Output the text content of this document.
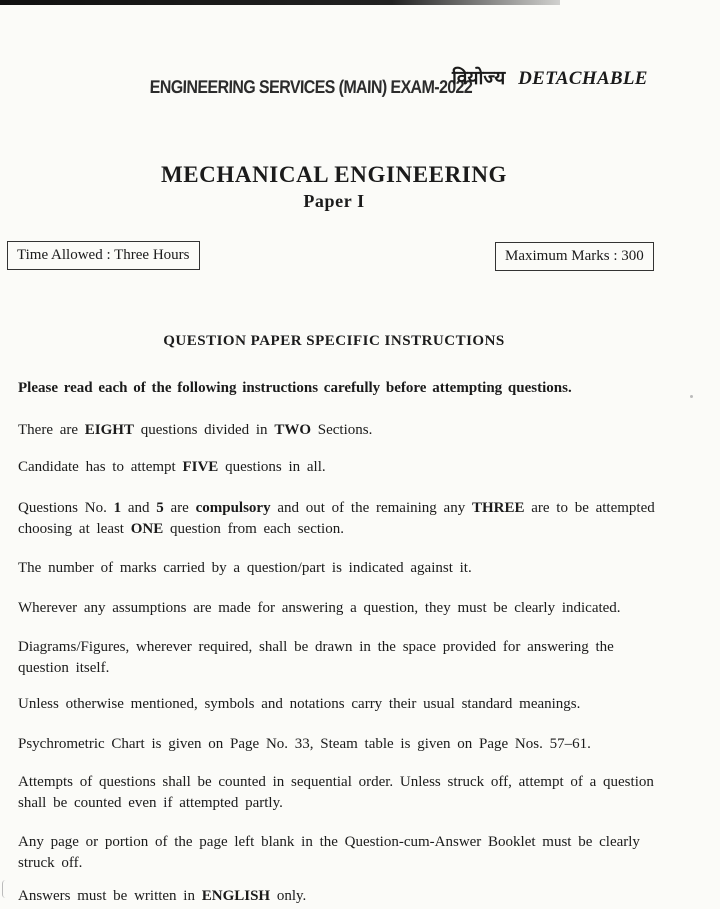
ENGINEERING SERVICES (MAIN) EXAM-2022
वियोज्य DETACHABLE
MECHANICAL ENGINEERING
Paper I
Time Allowed : Three Hours	Maximum Marks : 300
QUESTION PAPER SPECIFIC INSTRUCTIONS
Please read each of the following instructions carefully before attempting questions.
There are EIGHT questions divided in TWO Sections.
Candidate has to attempt FIVE questions in all.
Questions No. 1 and 5 are compulsory and out of the remaining any THREE are to be attempted choosing at least ONE question from each section.
The number of marks carried by a question/part is indicated against it.
Wherever any assumptions are made for answering a question, they must be clearly indicated.
Diagrams/Figures, wherever required, shall be drawn in the space provided for answering the question itself.
Unless otherwise mentioned, symbols and notations carry their usual standard meanings.
Psychrometric Chart is given on Page No. 33, Steam table is given on Page Nos. 57–61.
Attempts of questions shall be counted in sequential order. Unless struck off, attempt of a question shall be counted even if attempted partly.
Any page or portion of the page left blank in the Question-cum-Answer Booklet must be clearly struck off.
Answers must be written in ENGLISH only.
